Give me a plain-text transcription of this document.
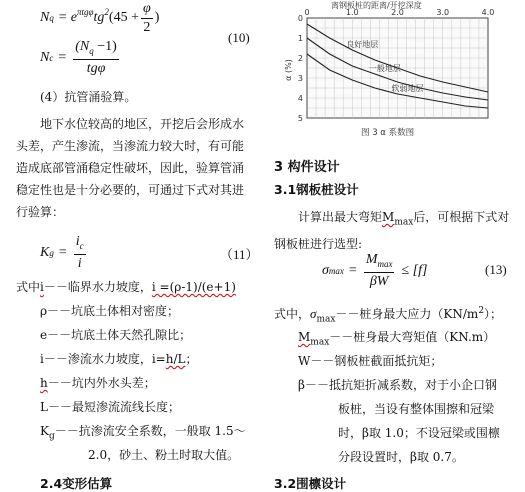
N $q = e^{\pi tg\varphi}$ $tg^2$ ($45 + \frac{\varphi}{2}$ )
N $c = \frac{(N_q -1)}{\text{tgφ}}$
(10)
(4）抗管涌验算。
地下水位较高的地区，开挖后会形成水
头差，产生渗流，当渗流力较大时，有可能
造成底部管涌稳定性破坏，因此，验算管涌
稳定性也是十分必要的，可通过下式对其进
行验算：
K $g = \frac{i_c}{i}$	（11）
式中i－－临界水力坡度，i =(ρ-1)/(e+1)
ρ－－坑底土体相对密度；
e－－坑底土体天然孔隙比；
i－－渗流水力坡度，i=h/L；
h－－坑内外水头差；
L－－最短渗流流线长度；
$K_g--$抗渗流安全系数，一般取 1.5～
2.0，砂土、粉土时取大值。
2.4变形估算
0	1.0	2.0	3.0	4.0
0
1
2
3
4
5
α (%)
软弱地层
一般地层
良好地层
离钢板桩的距离/开挖深度
图 3 α 系数图
3 构件设计
3.1钢板桩设计
计算出最大弯矩$M_{max}$后，可根据下式对
钢板桩进行选型:
σ $\max = \frac{M_{max}}{\beta W} \le [f]$	(13)
式中，$\sigma_{max}--$桩身最大应力$(KN/m^2)$；
$M_{max}--$桩身最大弯矩值（KN.m）
W－－钢板桩截面抵抗矩；
β－－抵抗矩折减系数，对于小企口钢
板桩，当设有整体围擦和冠梁
时，β取 1.0；不设冠梁或围檩
分段设置时，β取 0.7。
3.2围檩设计
